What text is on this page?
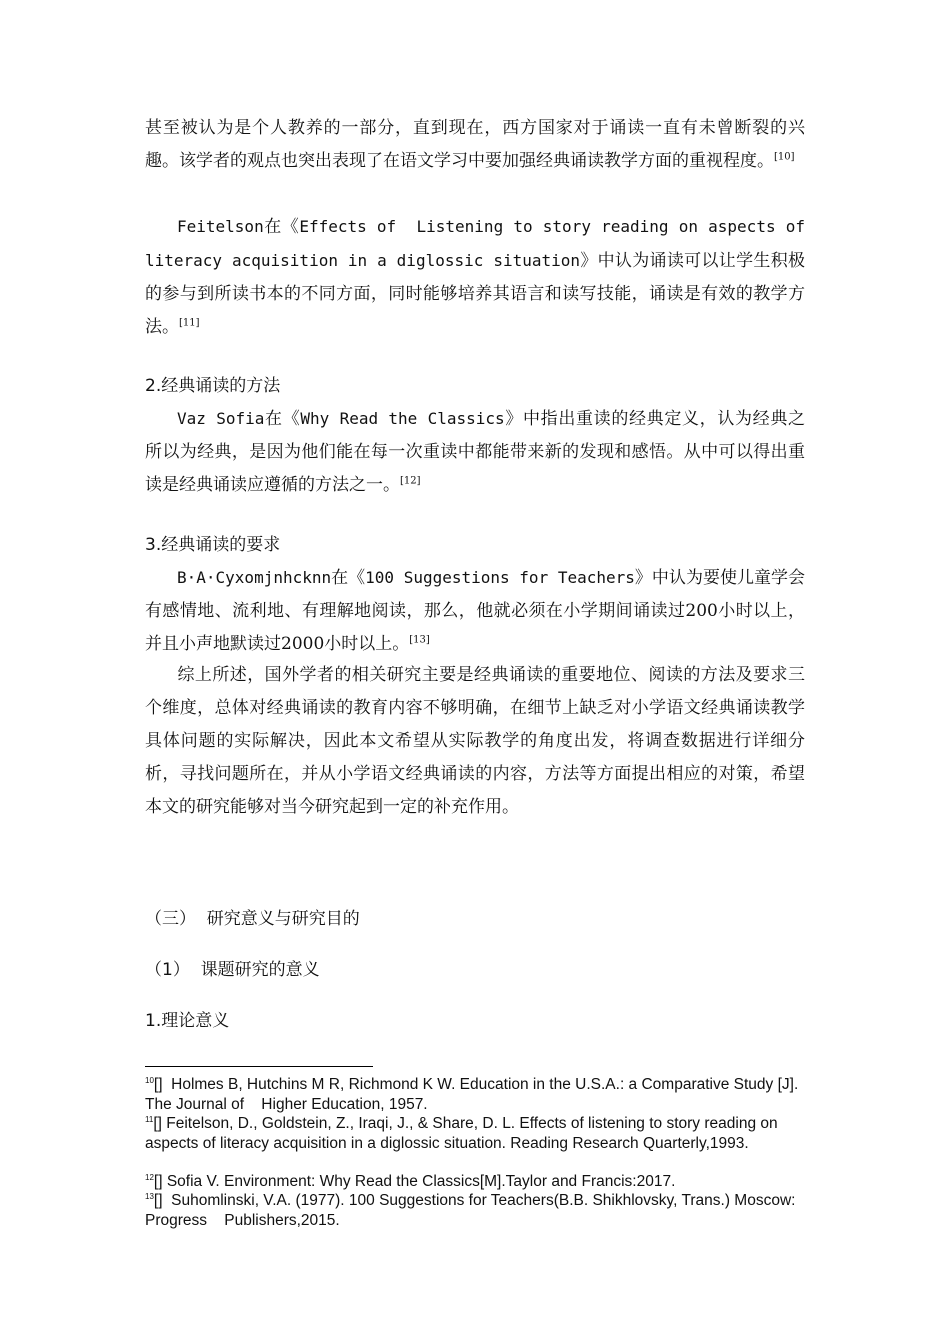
甚至被认为是个人教养的一部分，直到现在，西方国家对于诵读一直有未曾断裂的兴趣。该学者的观点也突出表现了在语文学习中要加强经典诵读教学方面的重视程度。[10]

Feitelson在《Effects of  Listening to story reading on aspects of literacy acquisition in a diglossic situation》中认为诵读可以让学生积极的参与到所读书本的不同方面，同时能够培养其语言和读写技能，诵读是有效的教学方法。[11]

2.经典诵读的方法

Vaz Sofia在《Why Read the Classics》中指出重读的经典定义，认为经典之所以为经典，是因为他们能在每一次重读中都能带来新的发现和感悟。从中可以得出重读是经典诵读应遵循的方法之一。[12]

3.经典诵读的要求

B·A·Cyxomjnhcknn在《100 Suggestions for Teachers》中认为要使儿童学会有感情地、流利地、有理解地阅读，那么，他就必须在小学期间诵读过200小时以上，并且小声地默读过2000小时以上。[13]

综上所述，国外学者的相关研究主要是经典诵读的重要地位、阅读的方法及要求三个维度，总体对经典诵读的教育内容不够明确，在细节上缺乏对小学语文经典诵读教学具体问题的实际解决，因此本文希望从实际教学的角度出发，将调查数据进行详细分析，寻找问题所在，并从小学语文经典诵读的内容，方法等方面提出相应的对策，希望本文的研究能够对当今研究起到一定的补充作用。

（三）  研究意义与研究目的
（1）  课题研究的意义
1.理论意义

$^{10}$[]  Holmes B, Hutchins M R, Richmond K W. Education in the U.S.A.: a Comparative Study [J]. The Journal of    Higher Education, 1957.

$^{11}$[] Feitelson, D., Goldstein, Z., Iraqi, J., & Share, D. L. Effects of listening to story reading on aspects of literacy acquisition in a diglossic situation. Reading Research Quarterly,1993.

$^{12}$[] Sofia V. Environment: Why Read the Classics[M].Taylor and Francis:2017.

$^{13}$[]  Suhomlinski, V.A. (1977). 100 Suggestions for Teachers(B.B. Shikhlovsky, Trans.) Moscow: Progress    Publishers,2015.
